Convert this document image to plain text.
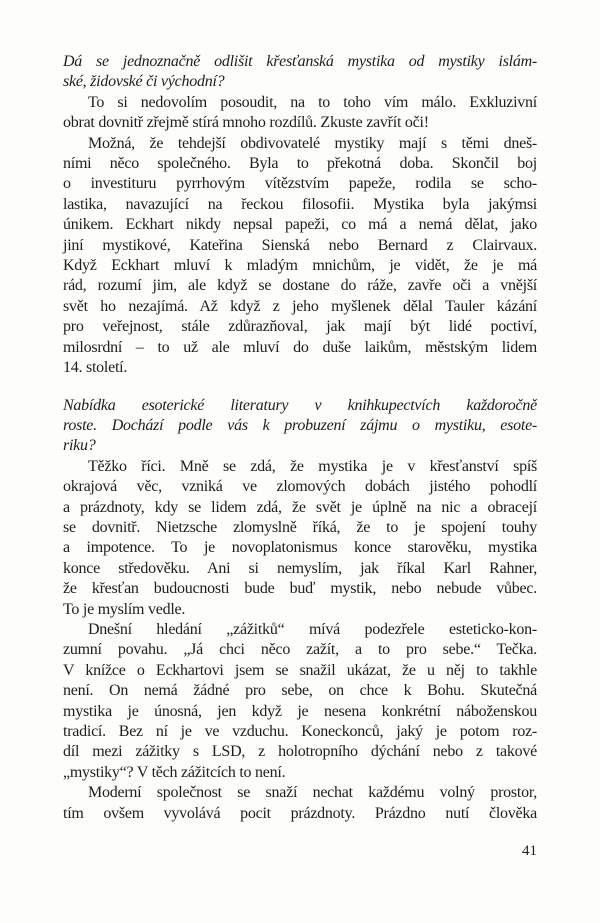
Dá se jednoznačně odlišit křesťanská mystika od mystiky islám-
ské, židovské či východní?
To si nedovolím posoudit, na to toho vím málo. Exkluzivní
obrat dovnitř zřejmě stírá mnoho rozdílů. Zkuste zavřít oči!
Možná, že tehdejší obdivovatelé mystiky mají s těmi dneš-
ními něco společného. Byla to překotná doba. Skončil boj
o investituru pyrrhovým vítězstvím papeže, rodila se scho-
lastika, navazující na řeckou filosofii. Mystika byla jakýmsi
únikem. Eckhart nikdy nepsal papeži, co má a nemá dělat, jako
jiní mystikové, Kateřina Sienská nebo Bernard z Clairvaux.
Když Eckhart mluví k mladým mnichům, je vidět, že je má
rád, rozumí jim, ale když se dostane do ráže, zavře oči a vnější
svět ho nezajímá. Až když z jeho myšlenek dělal Tauler kázání
pro veřejnost, stále zdůrazňoval, jak mají být lidé poctiví,
milosrdní – to už ale mluví do duše laikům, městským lidem
14. století.
Nabídka esoterické literatury v knihkupectvích každoročně
roste. Dochází podle vás k probuzení zájmu o mystiku, esote-
riku?
Těžko říci. Mně se zdá, že mystika je v křesťanství spíš
okrajová věc, vzniká ve zlomových dobách jistého pohodlí
a prázdnoty, kdy se lidem zdá, že svět je úplně na nic a obracejí
se dovnitř. Nietzsche zlomyslně říká, že to je spojení touhy
a impotence. To je novoplatonismus konce starověku, mystika
konce středověku. Ani si nemyslím, jak říkal Karl Rahner,
že křesťan budoucnosti bude buď mystik, nebo nebude vůbec.
To je myslím vedle.
Dnešní hledání „zážitků“ mívá podezřele esteticko-kon-
zumní povahu. „Já chci něco zažít, a to pro sebe.“ Tečka.
V knížce o Eckhartovi jsem se snažil ukázat, že u něj to takhle
není. On nemá žádné pro sebe, on chce k Bohu. Skutečná
mystika je únosná, jen když je nesena konkrétní náboženskou
tradicí. Bez ní je ve vzduchu. Koneckonců, jaký je potom roz-
díl mezi zážitky s LSD, z holotropního dýchání nebo z takové
„mystiky“? V těch zážitcích to není.
Moderní společnost se snaží nechat každému volný prostor,
tím ovšem vyvolává pocit prázdnoty. Prázdno nutí člověka
41
